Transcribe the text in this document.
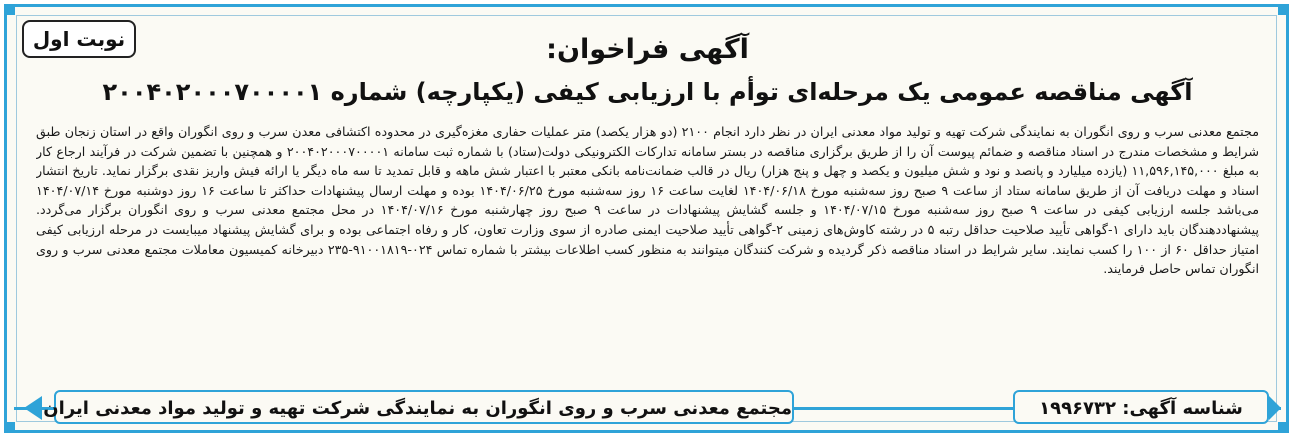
نوبت اول	آگهی فراخوان:
آگهی مناقصه عمومی یک مرحله‌ای توأم با ارزیابی کیفی (یکپارچه) شماره ۲۰۰۴۰۲۰۰۰۷۰۰۰۰۱
مجتمع معدنی سرب و روی انگوران به نمایندگی شرکت تهیه و تولید مواد معدنی ایران در نظر دارد انجام ۲۱۰۰ (دو هزار یکصد) متر عملیات حفاری مغزه‌گیری در محدوده اکتشافی معدن سرب و روی انگوران واقع در استان زنجان طبق شرایط و مشخصات مندرج در اسناد مناقصه و ضمائم پیوست آن را از طریق برگزاری مناقصه در بستر سامانه تدارکات الکترونیکی دولت(ستاد) با شماره ثبت سامانه ۲۰۰۴۰۲۰۰۰۷۰۰۰۰۱ و همچنین با تضمین شرکت در فرآیند ارجاع کار به مبلغ ۱۱,۵۹۶,۱۴۵,۰۰۰ (یازده میلیارد و پانصد و نود و شش میلیون و یکصد و چهل و پنج هزار) ریال در قالب ضمانت‌نامه بانکی معتبر با اعتبار شش ماهه و قابل تمدید تا سه ماه دیگر یا ارائه فیش واریز نقدی برگزار نماید. تاریخ انتشار اسناد و مهلت دریافت آن از طریق سامانه ستاد از ساعت ۹ صبح روز سه‌شنبه مورخ ۱۴۰۴/۰۶/۱۸ لغایت ساعت ۱۶ روز سه‌شنبه مورخ ۱۴۰۴/۰۶/۲۵ بوده و مهلت ارسال پیشنهادات حداکثر تا ساعت ۱۶ روز دوشنبه مورخ ۱۴۰۴/۰۷/۱۴ می‌باشد جلسه ارزیابی کیفی در ساعت ۹ صبح روز سه‌شنبه مورخ ۱۴۰۴/۰۷/۱۵ و جلسه گشایش پیشنهادات در ساعت ۹ صبح روز چهارشنبه مورخ ۱۴۰۴/۰۷/۱۶ در محل مجتمع معدنی سرب و روی انگوران برگزار می‌گردد. پیشنهاددهندگان باید دارای ۱-گواهی تأیید صلاحیت حداقل رتبه ۵ در رشته کاوش‌های زمینی ۲-گواهی تأیید صلاحیت ایمنی صادره از سوی وزارت تعاون، کار و رفاه اجتماعی بوده و برای گشایش پیشنهاد میبایست در مرحله ارزیابی کیفی امتیاز حداقل ۶۰ از ۱۰۰ را کسب نمایند. سایر شرایط در اسناد مناقصه ذکر گردیده و شرکت کنندگان میتوانند به منظور کسب اطلاعات بیشتر با شماره تماس ۰۲۴-۹۱۰۰۱۸۱۹-۲۳۵ دبیرخانه کمیسیون معاملات مجتمع معدنی سرب و روی انگوران تماس حاصل فرمایند.
مجتمع معدنی سرب و روی انگوران به نمایندگی شرکت تهیه و تولید مواد معدنی ایران	شناسه آگهی: ۱۹۹۶۷۳۲
